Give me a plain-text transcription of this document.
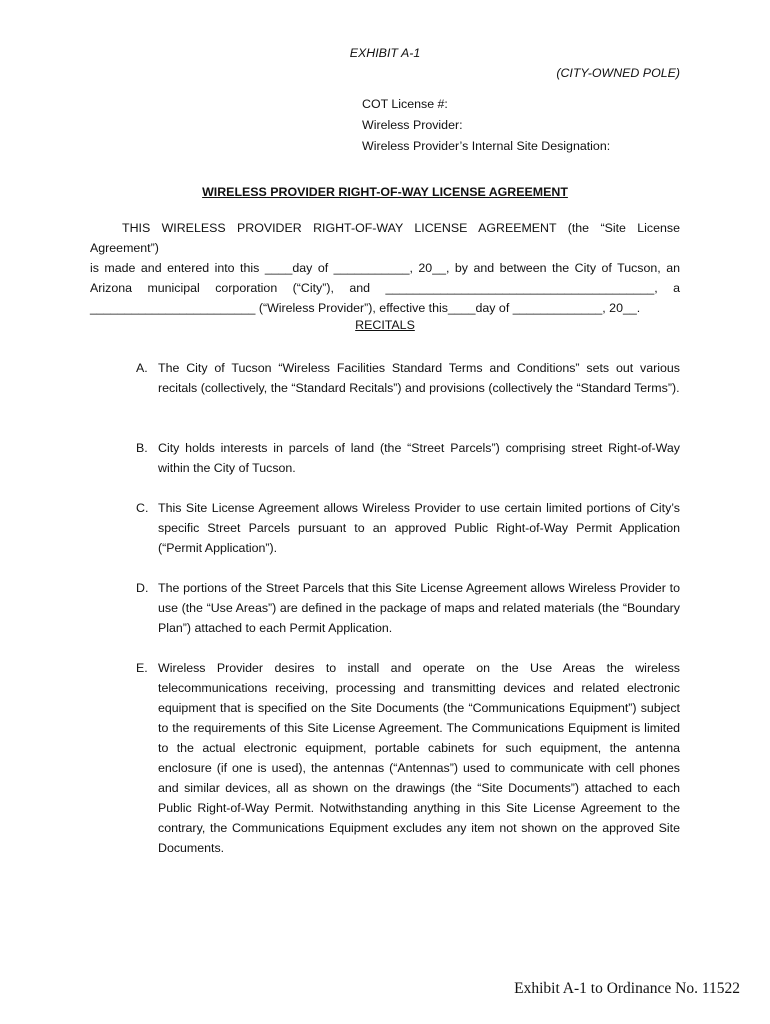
EXHIBIT A-1
(CITY-OWNED POLE)
COT License #:
Wireless Provider:
Wireless Provider’s Internal Site Designation:
WIRELESS PROVIDER RIGHT-OF-WAY LICENSE AGREEMENT

THIS WIRELESS PROVIDER RIGHT-OF-WAY LICENSE AGREEMENT (the “Site License Agreement”)

is made and entered into this ____day of ___________, 20__, by and between the City of Tucson, an

Arizona municipal corporation (“City”), and _______________________________________, a

________________________ (“Wireless Provider”), effective this____day of _____________, 20__.

RECITALS
A. The City of Tucson “Wireless Facilities Standard Terms and Conditions” sets out various recitals (collectively, the “Standard Recitals”) and provisions (collectively the “Standard Terms”).
B. City holds interests in parcels of land (the “Street Parcels”) comprising street Right-of-Way within the City of Tucson.
C. This Site License Agreement allows Wireless Provider to use certain limited portions of City’s specific Street Parcels pursuant to an approved Public Right-of-Way Permit Application (“Permit Application”).
D. The portions of the Street Parcels that this Site License Agreement allows Wireless Provider to use (the “Use Areas”) are defined in the package of maps and related materials (the “Boundary Plan”) attached to each Permit Application.
E. Wireless Provider desires to install and operate on the Use Areas the wireless telecommunications receiving, processing and transmitting devices and related electronic equipment that is specified on the Site Documents (the “Communications Equipment”) subject to the requirements of this Site License Agreement. The Communications Equipment is limited to the actual electronic equipment, portable cabinets for such equipment, the antenna enclosure (if one is used), the antennas (“Antennas”) used to communicate with cell phones and similar devices, all as shown on the drawings (the “Site Documents”) attached to each Public Right-of-Way Permit. Notwithstanding anything in this Site License Agreement to the contrary, the Communications Equipment excludes any item not shown on the approved Site Documents.
Exhibit A-1 to Ordinance No. 11522
